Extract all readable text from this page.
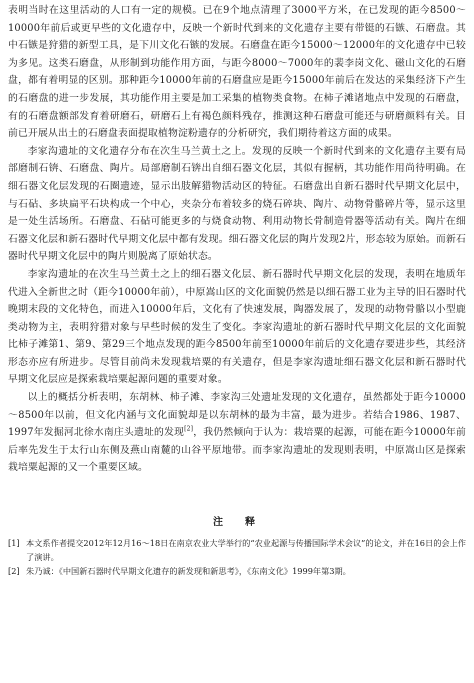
表明当时在这里活动的人口有一定的规模。已在9个地点清理了3000平方米，在已发现的距今8500～10000年前后或更早些的文化遗存中，反映一个新时代到来的文化遗存主要有带铤的石镞、石磨盘。其中石镞是狩猎的新型工具，是下川文化石镞的发展。石磨盘在距今15000～12000年的文化遗存中已较为多见。这类石磨盘，从形制到功能作用方面，与距今8000～7000年的裴李岗文化、磁山文化的石磨盘，都有着明显的区别。那种距今10000年前的石磨盘应是距今15000年前后在发达的采集经济下产生的石磨盘的进一步发展，其功能作用主要是加工采集的植物类食物。在柿子滩诸地点中发现的石磨盘，有的石磨盘额部发育着研磨石，研磨石上有褐色颜料残存，推测这种石磨盘可能还与研磨颜料有关。目前已开展从出土的石磨盘表面提取植物淀粉遗存的分析研究，我们期待着这方面的成果。

李家沟遗址的文化遗存分布在次生马兰黄土之上。发现的反映一个新时代到来的文化遗存主要有局部磨制石锛、石磨盘、陶片。局部磨制石锛出自细石器文化层，其似有握柄，其功能作用尚待明确。在细石器文化层发现的石圈遗迹，显示出肢解猎物活动区的特征。石磨盘出自新石器时代早期文化层中，与石砧、多块扁平石块构成一个中心，夹杂分布着较多的烧石碎块、陶片、动物骨骼碎片等，显示这里是一处生活场所。石磨盘、石砧可能更多的与烧食动物、利用动物长骨制造骨器等活动有关。陶片在细石器文化层和新石器时代早期文化层中都有发现。细石器文化层的陶片发现2片，形态较为原始。而新石器时代早期文化层中的陶片则脱离了原始状态。

李家沟遗址的在次生马兰黄土之上的细石器文化层、新石器时代早期文化层的发现，表明在地质年代进入全新世之时（距今10000年前），中原嵩山区的文化面貌仍然是以细石器工业为主导的旧石器时代晚期末段的文化特色，而进入10000年后，文化有了快速发展，陶器发展了，发现的动物骨骼以小型鹿类动物为主，表明狩猎对象与早些时候的发生了变化。李家沟遗址的新石器时代早期文化层的文化面貌比柿子滩第1、第9、第29三个地点发现的距今8500年前至10000年前后的文化遗存要进步些，其经济形态亦应有所进步。尽管目前尚未发现栽培粟的有关遗存，但是李家沟遗址细石器文化层和新石器时代早期文化层应是探索栽培粟起源问题的重要对象。

以上的概括分析表明，东胡林、柿子滩、李家沟三处遗址发现的文化遗存，虽然都处于距今10000～8500年以前，但文化内涵与文化面貌却是以东胡林的最为丰富，最为进步。若结合1986、1987、1997年发掘河北徐水南庄头遗址的发现[2]，我仍然倾向于认为：栽培粟的起源，可能在距今10000年前后率先发生于太行山东侧及燕山南麓的山谷平原地带。而李家沟遗址的发现则表明，中原嵩山区是探索栽培粟起源的又一个重要区域。

注　释

[1] 本文系作者提交2012年12月16～18日在南京农业大学举行的“农业起源与传播国际学术会议”的论文，并在16日的会上作了演讲。

[2] 朱乃诚：《中国新石器时代早期文化遗存的新发现和新思考》，《东南文化》1999年第3期。
